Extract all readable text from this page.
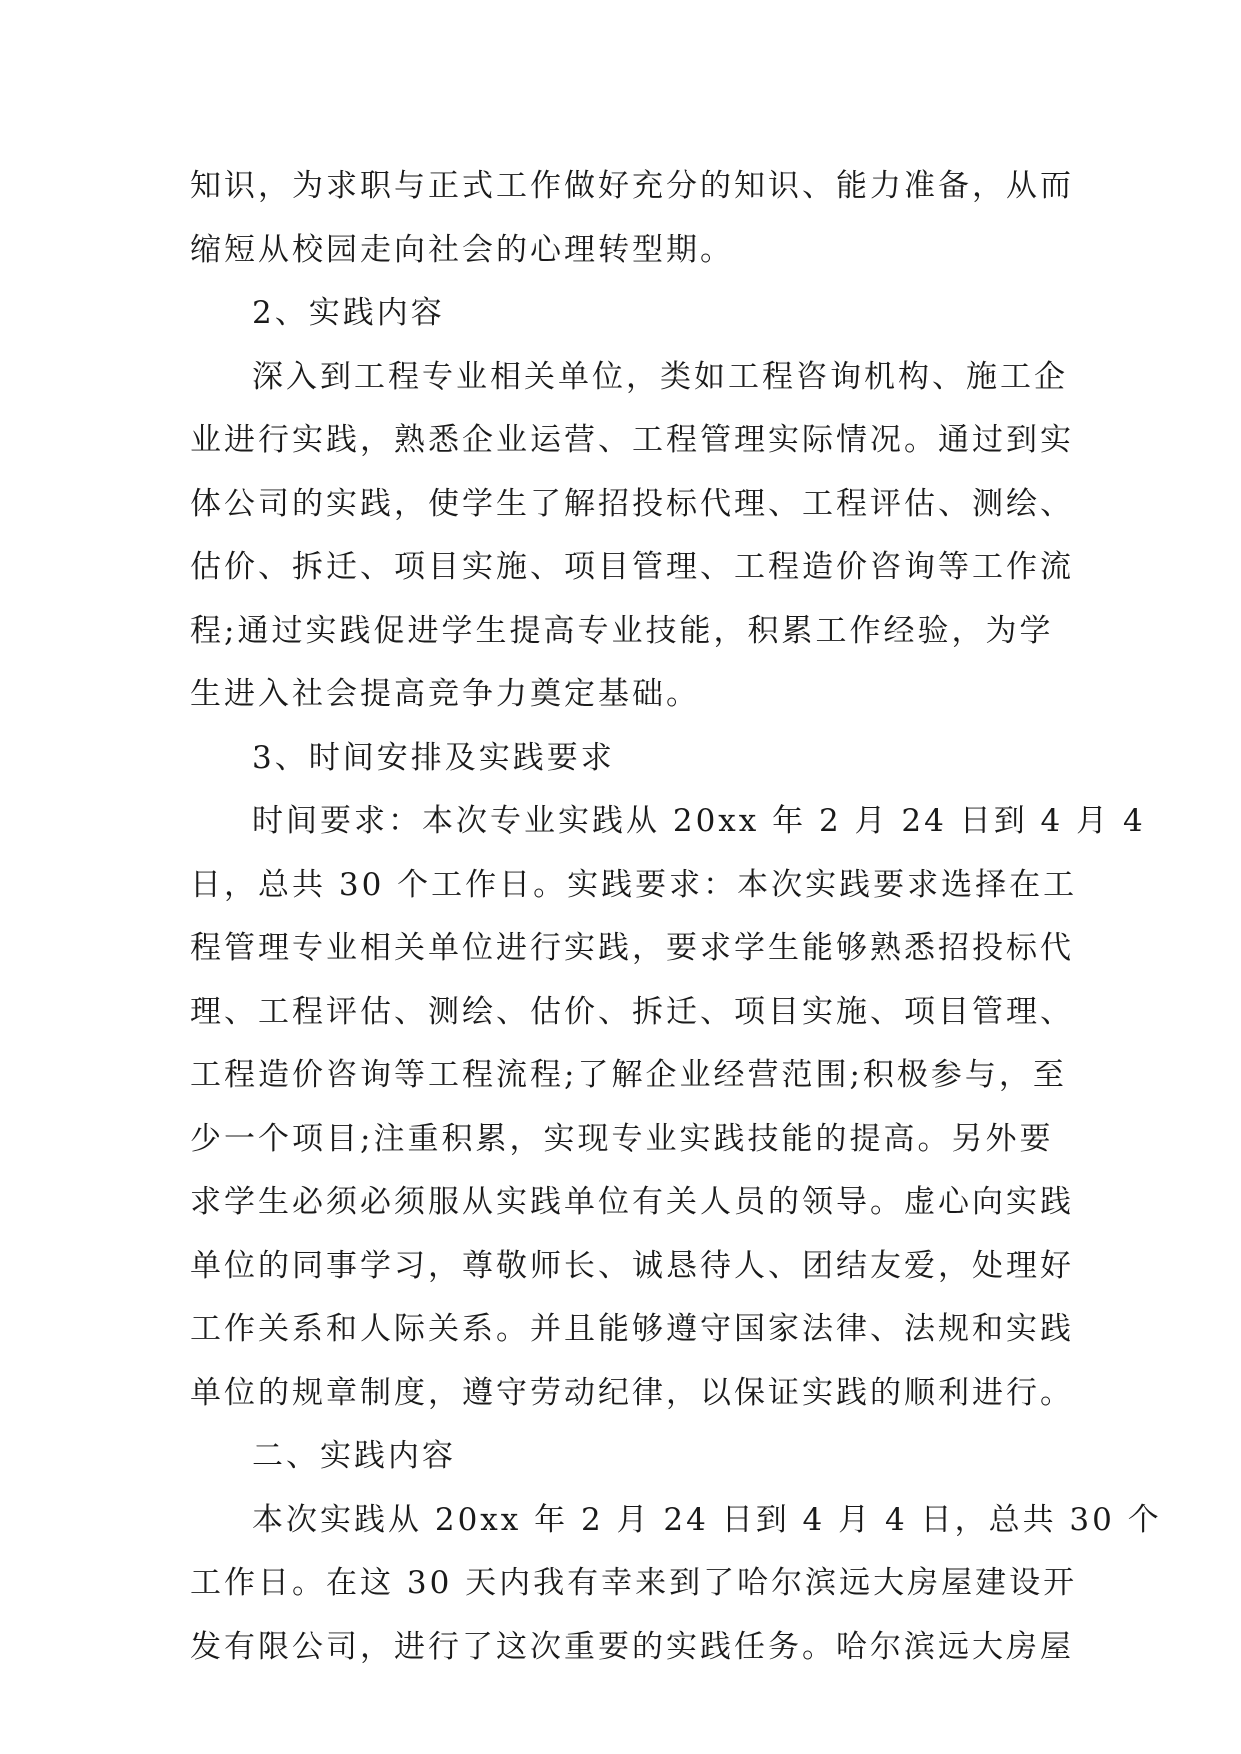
知识，为求职与正式工作做好充分的知识、能力准备，从而
缩短从校园走向社会的心理转型期。
2、实践内容
深入到工程专业相关单位，类如工程咨询机构、施工企
业进行实践，熟悉企业运营、工程管理实际情况。通过到实
体公司的实践，使学生了解招投标代理、工程评估、测绘、
估价、拆迁、项目实施、项目管理、工程造价咨询等工作流
程;通过实践促进学生提高专业技能，积累工作经验，为学
生进入社会提高竞争力奠定基础。
3、时间安排及实践要求
时间要求：本次专业实践从 20xx 年 2 月 24 日到 4 月 4
日，总共 30 个工作日。实践要求：本次实践要求选择在工
程管理专业相关单位进行实践，要求学生能够熟悉招投标代
理、工程评估、测绘、估价、拆迁、项目实施、项目管理、
工程造价咨询等工程流程;了解企业经营范围;积极参与，至
少一个项目;注重积累，实现专业实践技能的提高。另外要
求学生必须必须服从实践单位有关人员的领导。虚心向实践
单位的同事学习，尊敬师长、诚恳待人、团结友爱，处理好
工作关系和人际关系。并且能够遵守国家法律、法规和实践
单位的规章制度，遵守劳动纪律，以保证实践的顺利进行。
二、实践内容
本次实践从 20xx 年 2 月 24 日到 4 月 4 日，总共 30 个
工作日。在这 30 天内我有幸来到了哈尔滨远大房屋建设开
发有限公司，进行了这次重要的实践任务。哈尔滨远大房屋
